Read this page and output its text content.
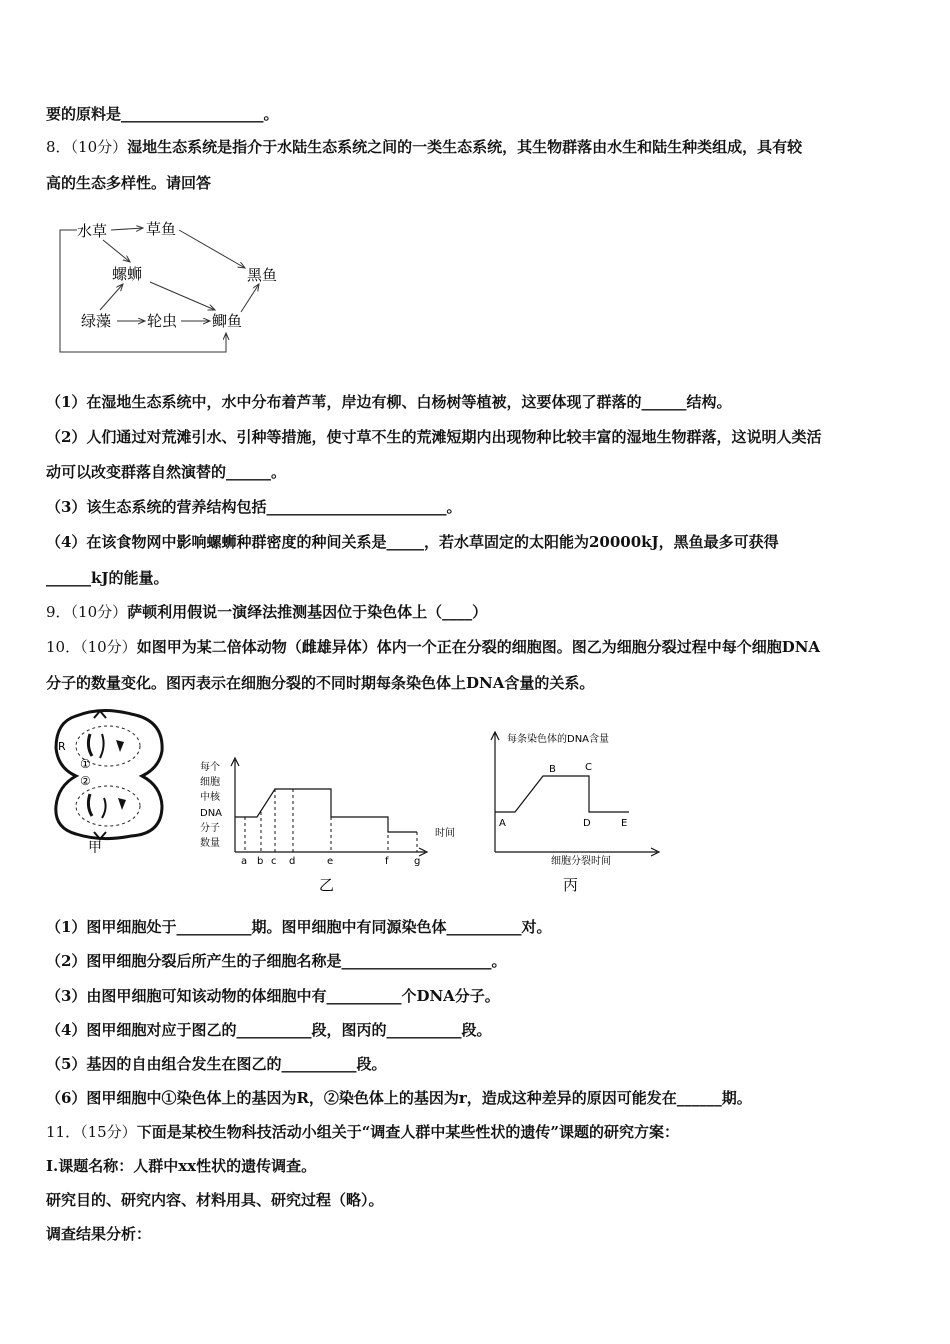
要的原料是___________________。
8．（10分）湿地生态系统是指介于水陆生态系统之间的一类生态系统，其生物群落由水生和陆生种类组成，具有较
高的生态多样性。请回答
水草	草鱼
螺蛳	黑鱼
绿藻 轮虫 鲫鱼
（1）在湿地生态系统中，水中分布着芦苇，岸边有柳、白杨树等植被，这要体现了群落的______结构。
（2）人们通过对荒滩引水、引种等措施，使寸草不生的荒滩短期内出现物种比较丰富的湿地生物群落，这说明人类活
动可以改变群落自然演替的______。
（3）该生态系统的营养结构包括________________________。
（4）在该食物网中影响螺蛳种群密度的种间关系是_____，若水草固定的太阳能为20000kJ，黑鱼最多可获得
______kJ的能量。
9．（10分）萨顿利用假说一演绎法推测基因位于染色体上（____）
10．（10分）如图甲为某二倍体动物（雌雄异体）体内一个正在分裂的细胞图。图乙为细胞分裂过程中每个细胞DNA
分子的数量变化。图丙表示在细胞分裂的不同时期每条染色体上DNA含量的关系。
R
①
②
甲
每个
细胞
中核
DNA
分子
数量
时间
a b c d	e	f	g
乙
每条染色体的DNA含量
A
B	C
D	E
细胞分裂时间
丙
（1）图甲细胞处于__________期。图甲细胞中有同源染色体__________对。
（2）图甲细胞分裂后所产生的子细胞名称是____________________。
（3）由图甲细胞可知该动物的体细胞中有__________个DNA分子。
（4）图甲细胞对应于图乙的__________段，图丙的__________段。
（5）基因的自由组合发生在图乙的__________段。
（6）图甲细胞中①染色体上的基因为R，②染色体上的基因为r，造成这种差异的原因可能发在______期。
11．（15分）下面是某校生物科技活动小组关于“调查人群中某些性状的遗传”课题的研究方案：
I.课题名称：人群中xx性状的遗传调查。
研究目的、研究内容、材料用具、研究过程（略）。
调查结果分析：
